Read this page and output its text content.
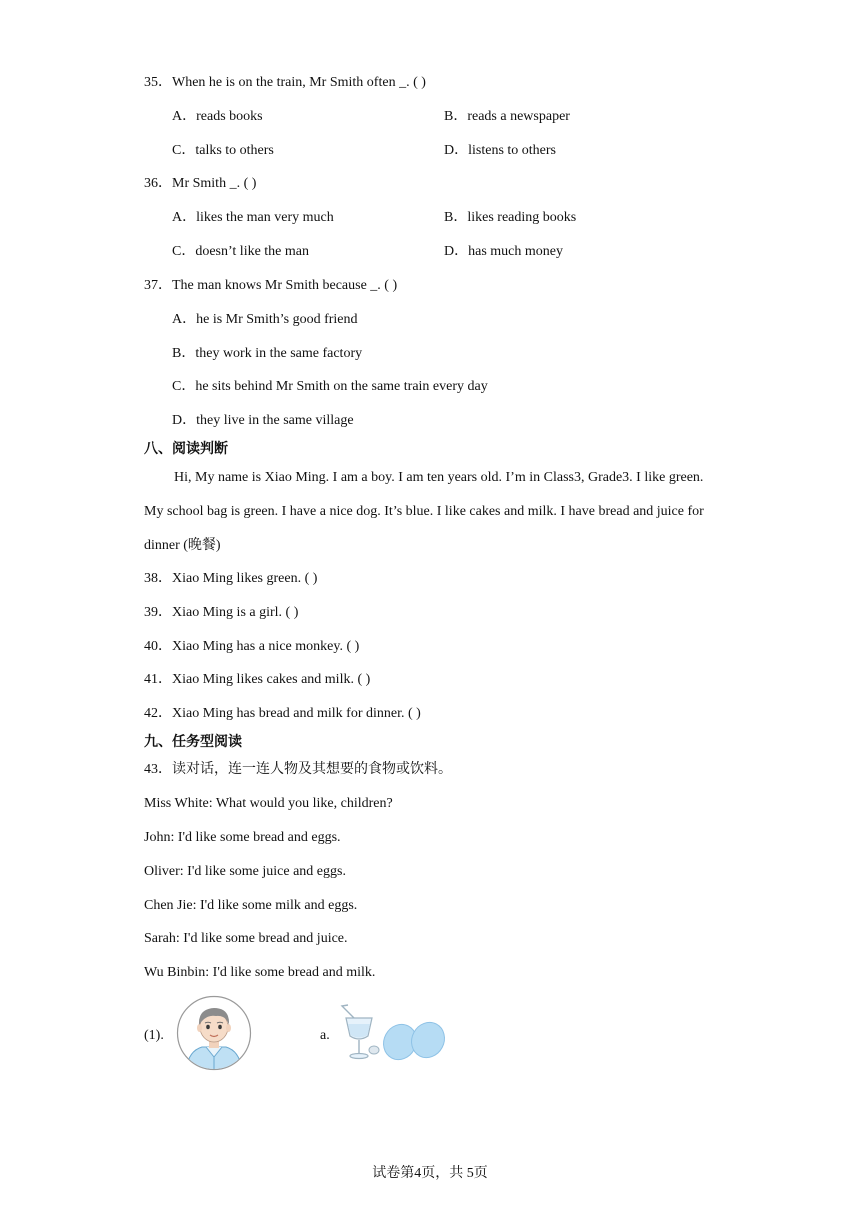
35．When he is on the train, Mr Smith often _. ( )
A．reads books	B．reads a newspaper
C．talks to others	D．listens to others
36．Mr Smith _. ( )
A．likes the man very much	B．likes reading books
C．doesn’t like the man	D．has much money
37．The man knows Mr Smith because _. ( )
A．he is Mr Smith’s good friend
B．they work in the same factory
C．he sits behind Mr Smith on the same train every day
D．they live in the same village
八、阅读判断
Hi, My name is Xiao Ming. I am a boy. I am ten years old. I’m in Class3, Grade3. I like green. My school bag is green. I have a nice dog. It’s blue. I like cakes and milk. I have bread and juice for dinner (晚餐)
38．Xiao Ming likes green. ( )
39．Xiao Ming is a girl. ( )
40．Xiao Ming has a nice monkey. ( )
41．Xiao Ming likes cakes and milk. ( )
42．Xiao Ming has bread and milk for dinner. ( )
九、任务型阅读
43．读对话，连一连人物及其想要的食物或饮料。
Miss White: What would you like, children?
John: I'd like some bread and eggs.
Oliver: I'd like some juice and eggs.
Chen Jie: I'd like some milk and eggs.
Sarah: I'd like some bread and juice.
Wu Binbin: I'd like some bread and milk.
(1).	a.
试卷第4页，共 5页
